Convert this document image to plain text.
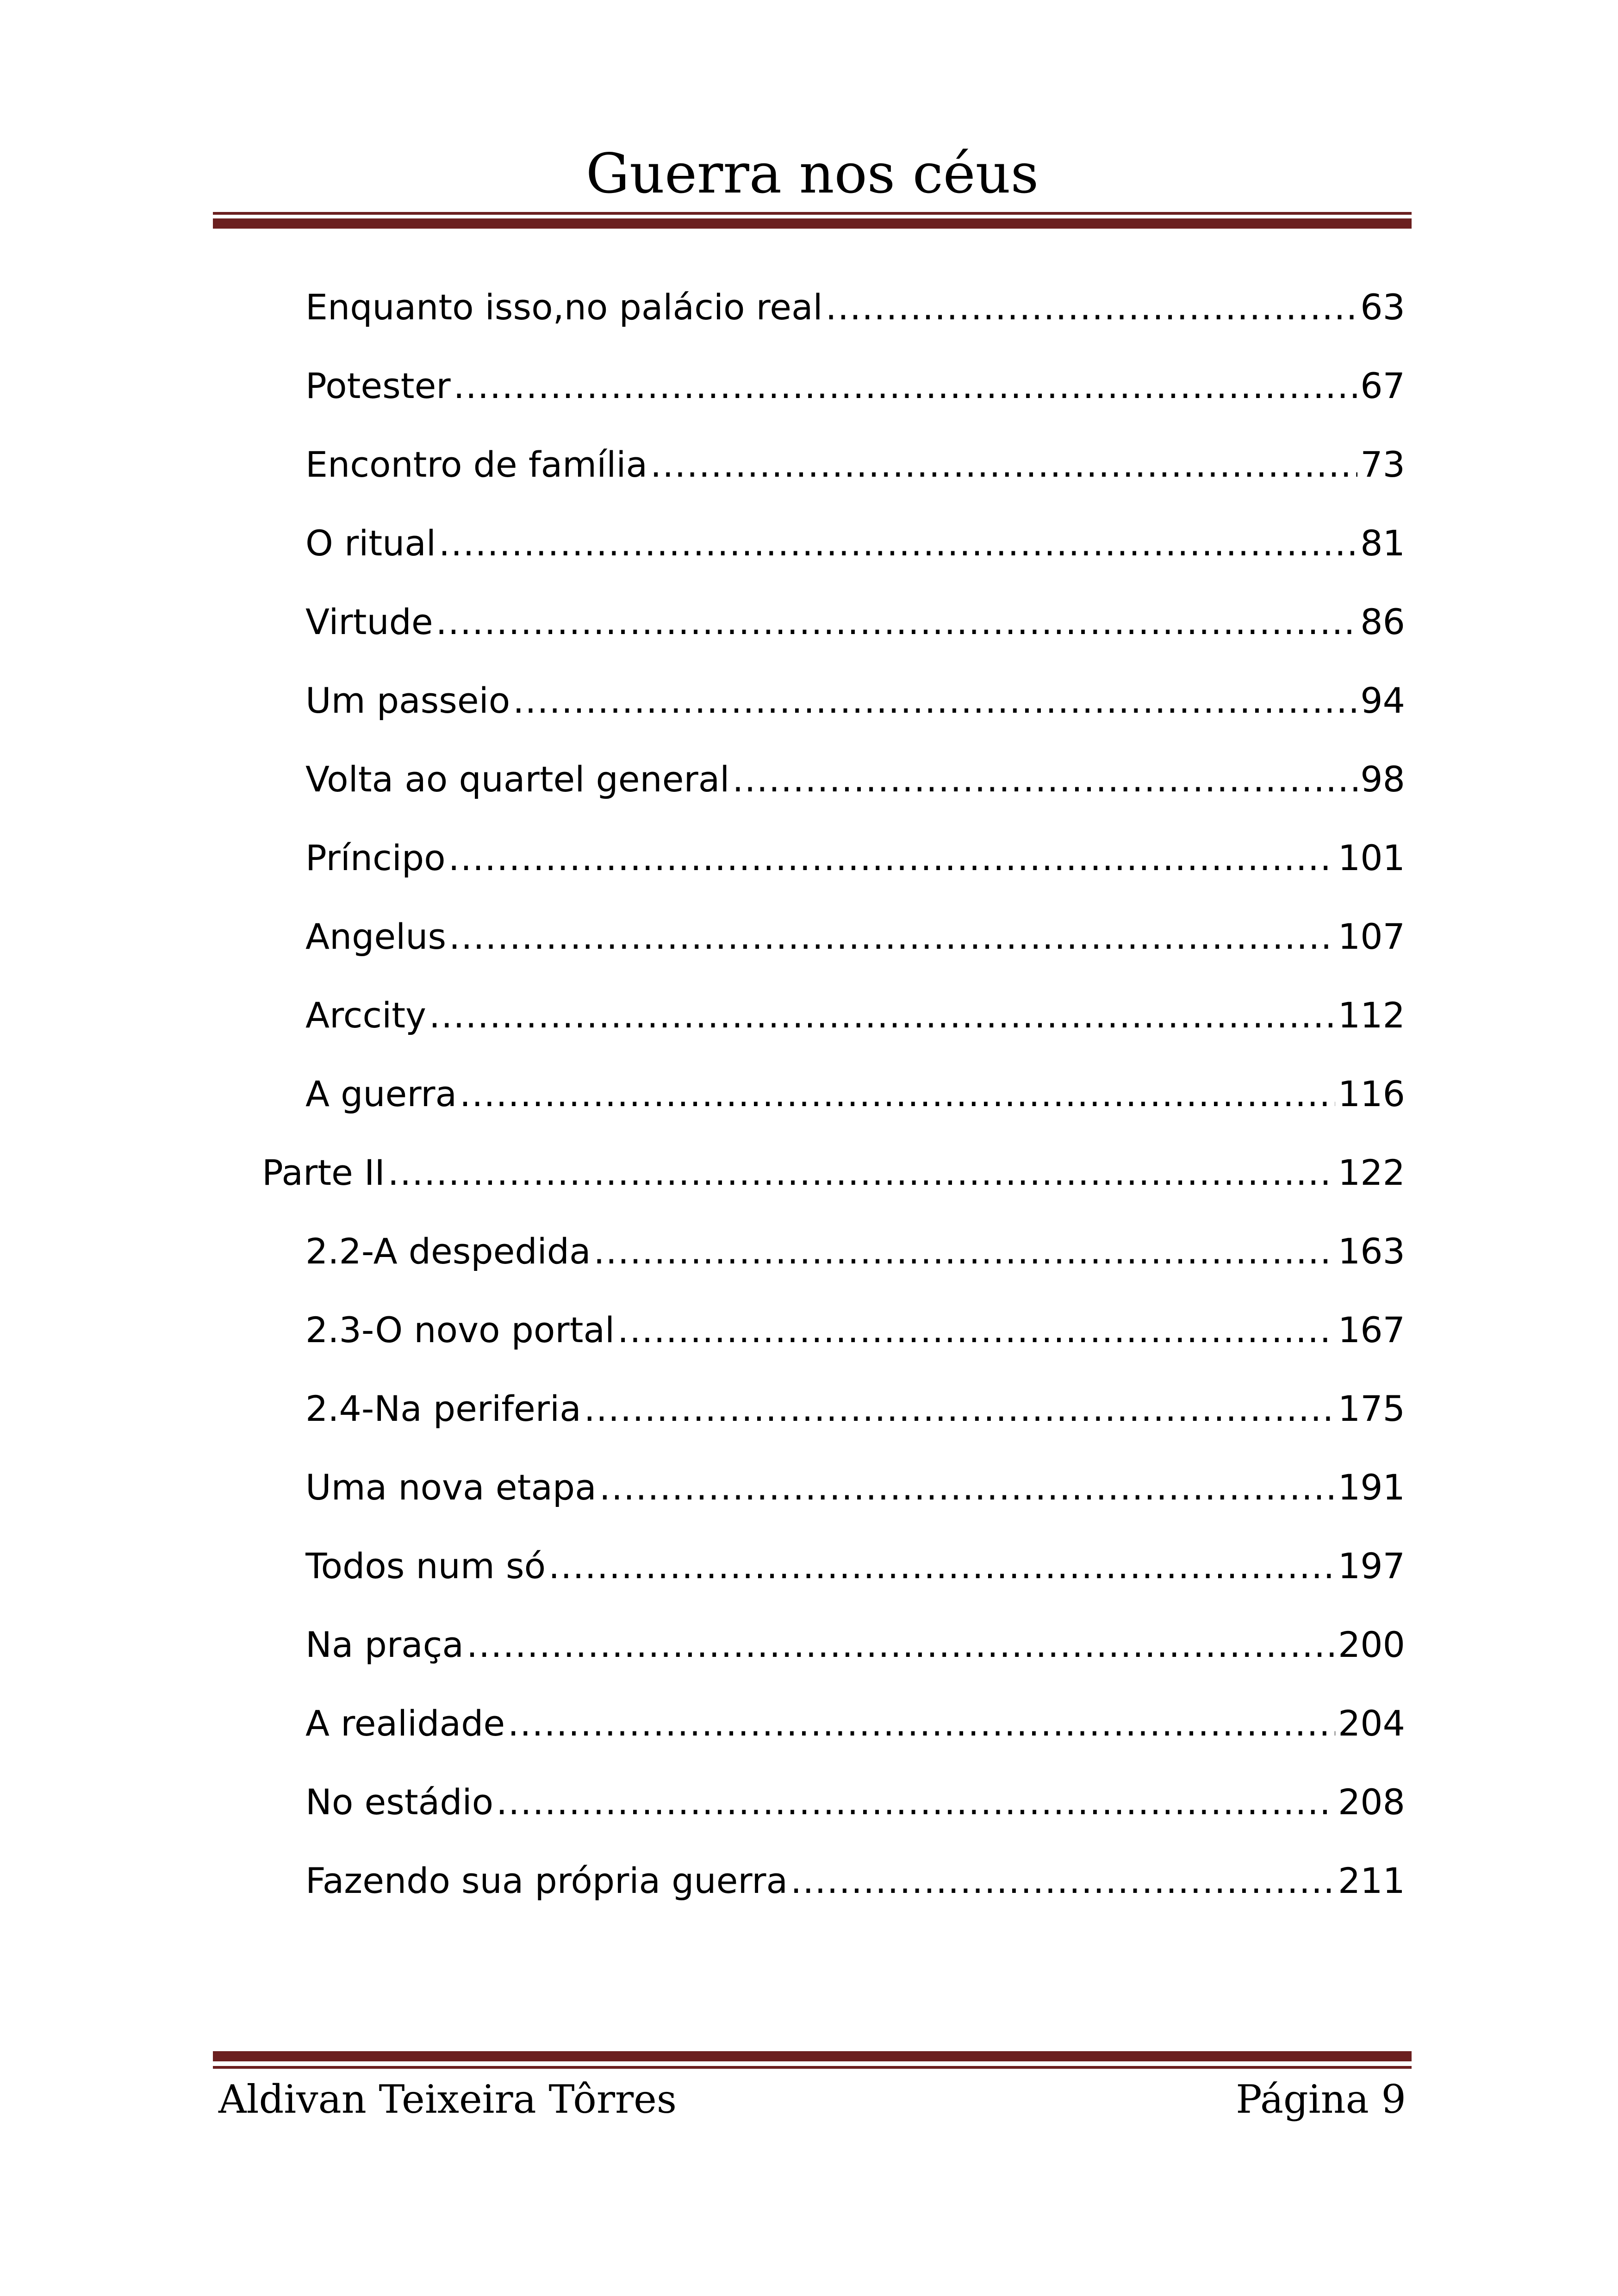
Guerra nos céus
Enquanto isso,no palácio real .....	63
Potester .....	67
Encontro de família .....	73
O ritual .....	81
Virtude .....	86
Um passeio .....	94
Volta ao quartel general .....	98
Príncipo .....	101
Angelus .....	107
Arccity .....	112
A guerra .....	116
Parte II .....	122
2.2-A despedida .....	163
2.3-O novo portal .....	167
2.4-Na periferia .....	175
Uma nova etapa .....	191
Todos num só .....	197
Na praça .....	200
A realidade .....	204
No estádio .....	208
Fazendo sua própria guerra .....	211
Aldivan Teixeira Tôrres	Página 9
